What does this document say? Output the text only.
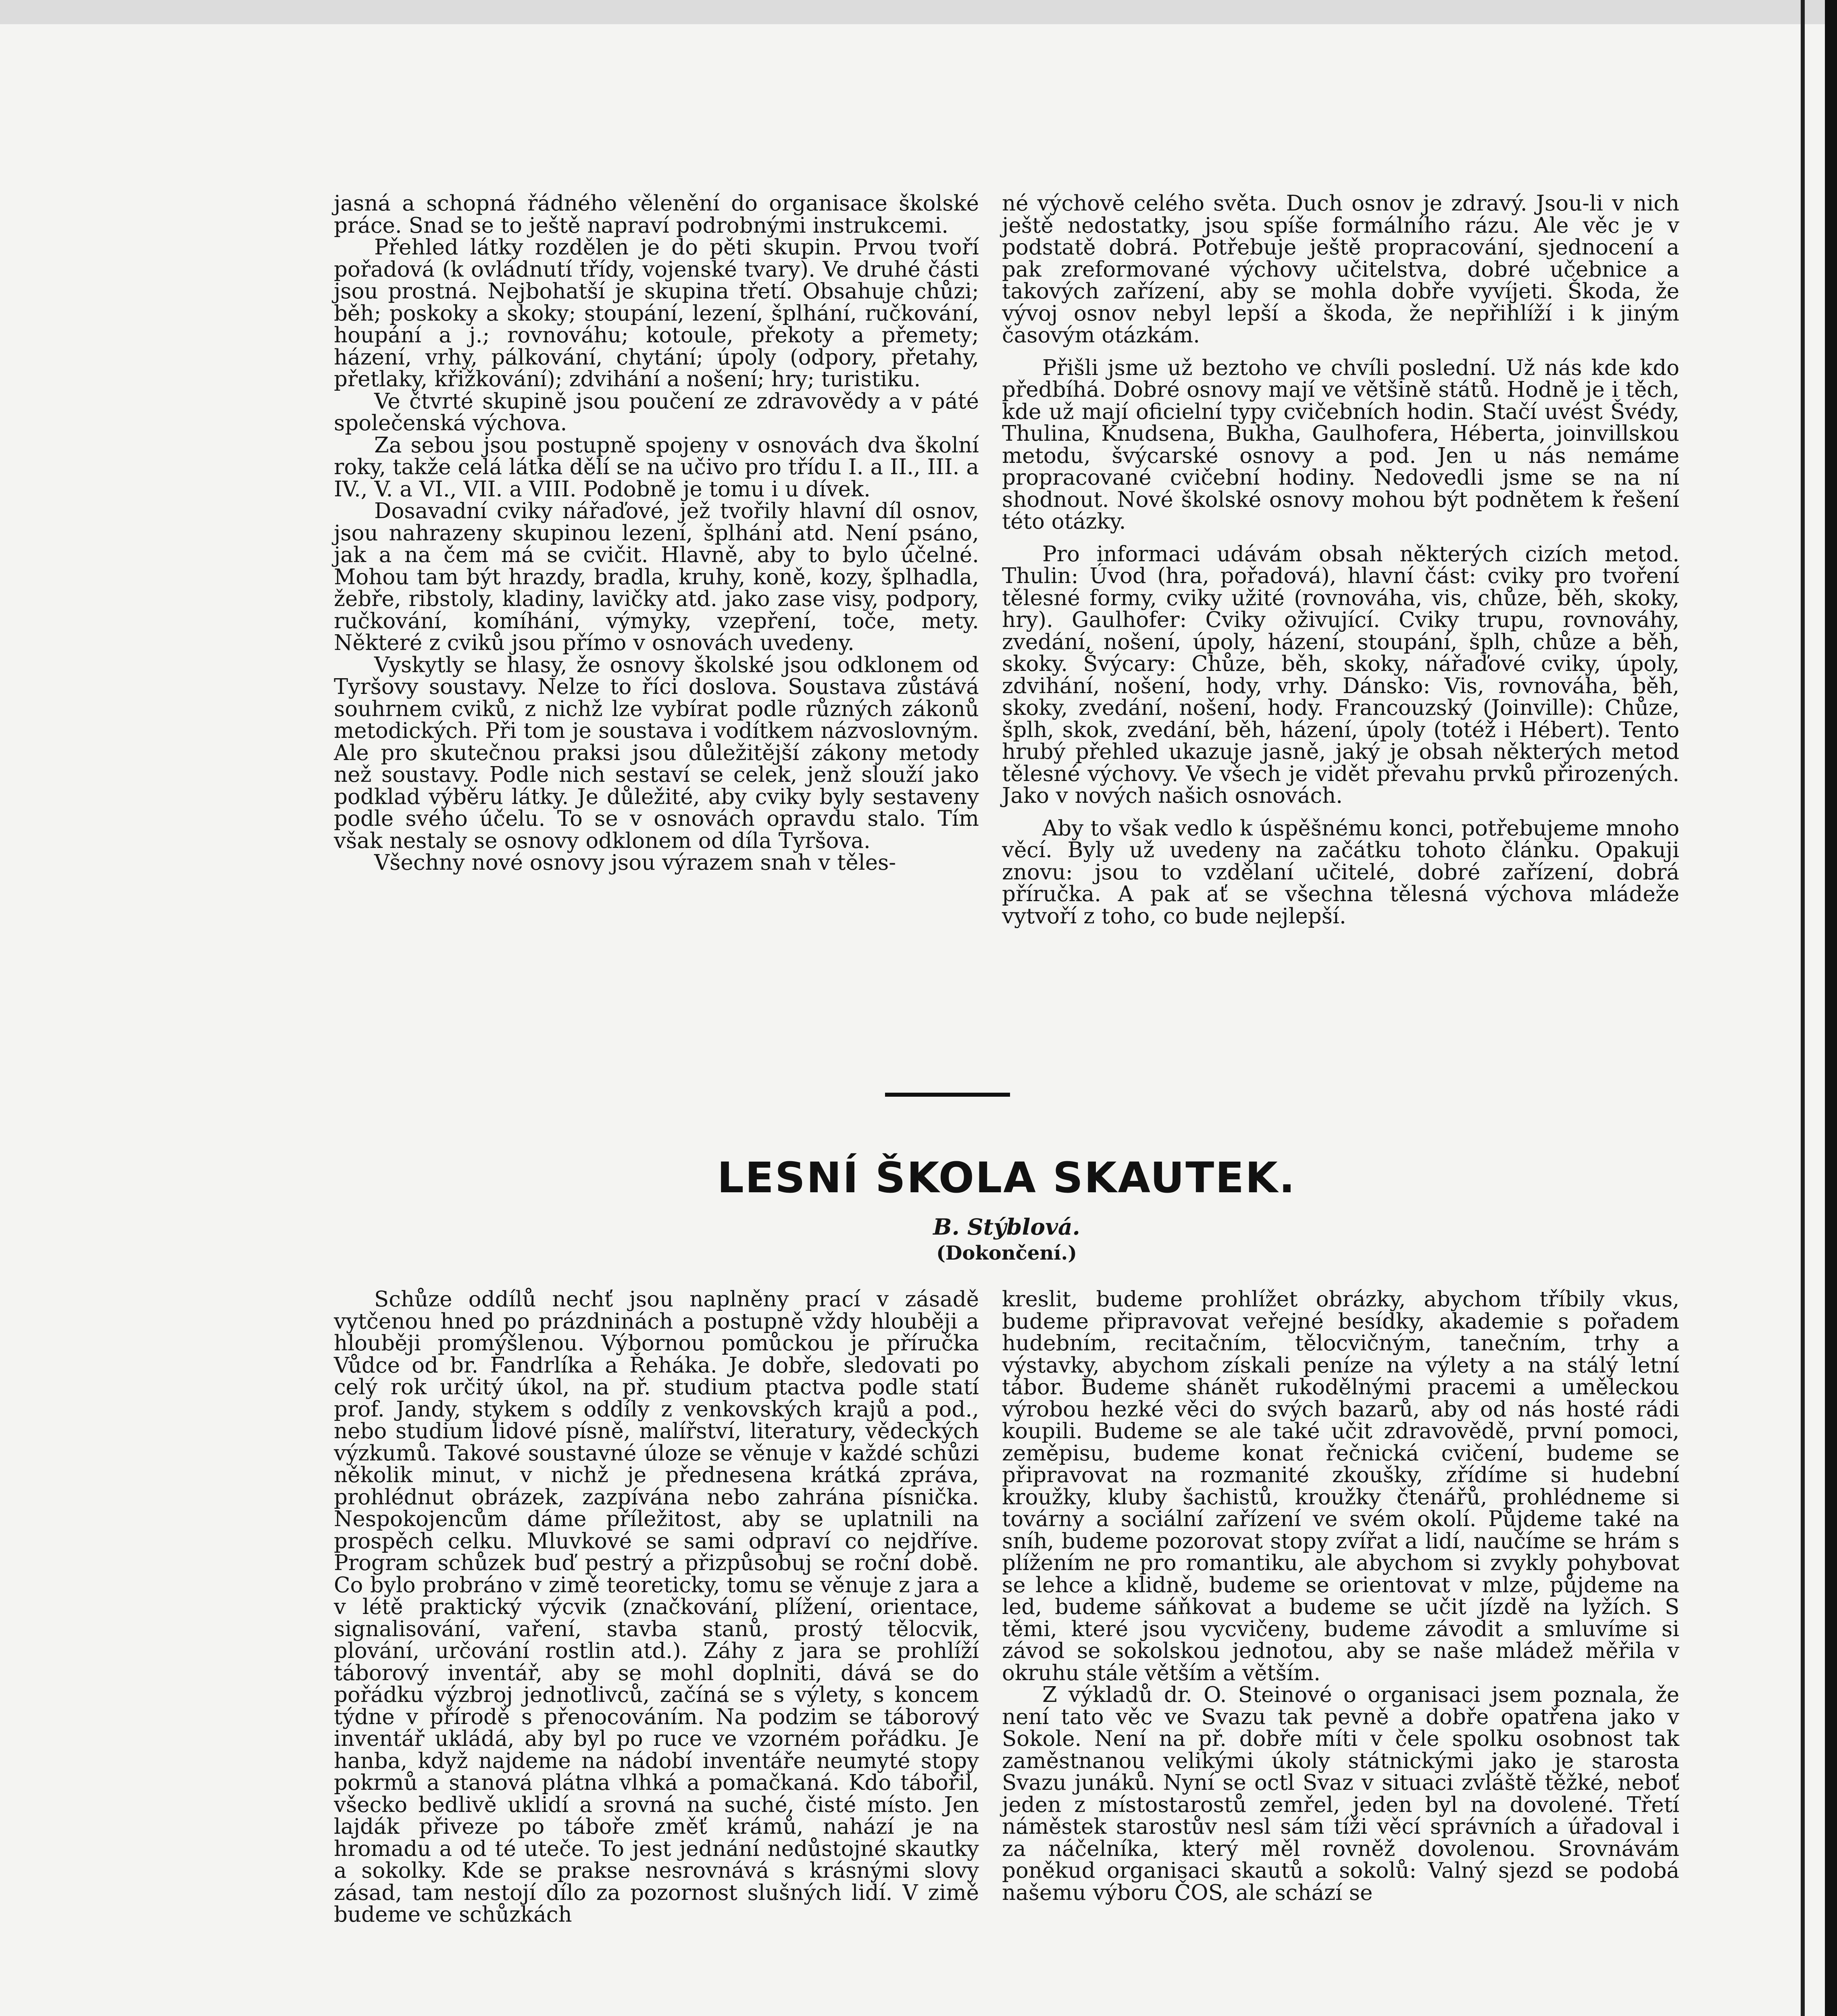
jasná a schopná řádného vělenění do organisace školské práce. Snad se to ještě napraví podrobnými instrukcemi.

Přehled látky rozdělen je do pěti skupin. Prvou tvoří pořadová (k ovládnutí třídy, vojenské tvary). Ve druhé části jsou prostná. Nejbohatší je skupina třetí. Obsahuje chůzi; běh; poskoky a skoky; stoupání, lezení, šplhání, ručkování, houpání a j.; rovnováhu; kotoule, překoty a přemety; házení, vrhy, pálkování, chytání; úpoly (odpory, přetahy, přetlaky, křižkování); zdvihání a nošení; hry; turistiku.

Ve čtvrté skupině jsou poučení ze zdravovědy a v páté společenská výchova.

Za sebou jsou postupně spojeny v osnovách dva školní roky, takže celá látka dělí se na učivo pro třídu I. a II., III. a IV., V. a VI., VII. a VIII. Podobně je tomu i u dívek.

Dosavadní cviky nářaďové, jež tvořily hlavní díl osnov, jsou nahrazeny skupinou lezení, šplhání atd. Není psáno, jak a na čem má se cvičit. Hlavně, aby to bylo účelné. Mohou tam být hrazdy, bradla, kruhy, koně, kozy, šplhadla, žebře, ribstoly, kladiny, lavičky atd. jako zase visy, podpory, ručkování, komíhání, výmyky, vzepření, toče, mety. Některé z cviků jsou přímo v osnovách uvedeny.

Vyskytly se hlasy, že osnovy školské jsou odklonem od Tyršovy soustavy. Nelze to říci doslova. Soustava zůstává souhrnem cviků, z nichž lze vybírat podle různých zákonů metodických. Při tom je soustava i vodítkem názvoslovným. Ale pro skutečnou praksi jsou důležitější zákony metody než soustavy. Podle nich sestaví se celek, jenž slouží jako podklad výběru látky. Je důležité, aby cviky byly sestaveny podle svého účelu. To se v osnovách opravdu stalo. Tím však nestaly se osnovy odklonem od díla Tyršova.

Všechny nové osnovy jsou výrazem snah v těles-

né výchově celého světa. Duch osnov je zdravý. Jsou-li v nich ještě nedostatky, jsou spíše formálního rázu. Ale věc je v podstatě dobrá. Potřebuje ještě propracování, sjednocení a pak zreformované výchovy učitelstva, dobré učebnice a takových zařízení, aby se mohla dobře vyvíjeti. Škoda, že vývoj osnov nebyl lepší a škoda, že nepřihlíží i k jiným časovým otázkám.

Přišli jsme už beztoho ve chvíli poslední. Už nás kde kdo předbíhá. Dobré osnovy mají ve většině států. Hodně je i těch, kde už mají oficielní typy cvičebních hodin. Stačí uvést Švédy, Thulina, Knudsena, Bukha, Gaulhofera, Héberta, joinvillskou metodu, švýcarské osnovy a pod. Jen u nás nemáme propracované cvičební hodiny. Nedovedli jsme se na ní shodnout. Nové školské osnovy mohou být podnětem k řešení této otázky.

Pro informaci udávám obsah některých cizích metod. Thulin: Úvod (hra, pořadová), hlavní část: cviky pro tvoření tělesné formy, cviky užité (rovnováha, vis, chůze, běh, skoky, hry). Gaulhofer: Cviky oživující. Cviky trupu, rovnováhy, zvedání, nošení, úpoly, házení, stoupání, šplh, chůze a běh, skoky. Švýcary: Chůze, běh, skoky, nářaďové cviky, úpoly, zdvihání, nošení, hody, vrhy. Dánsko: Vis, rovnováha, běh, skoky, zvedání, nošení, hody. Francouzský (Joinville): Chůze, šplh, skok, zvedání, běh, házení, úpoly (totéž i Hébert). Tento hrubý přehled ukazuje jasně, jaký je obsah některých metod tělesné výchovy. Ve všech je vidět převahu prvků přirozených. Jako v nových našich osnovách.

Aby to však vedlo k úspěšnému konci, potřebujeme mnoho věcí. Byly už uvedeny na začátku tohoto článku. Opakuji znovu: jsou to vzdělaní učitelé, dobré zařízení, dobrá příručka. A pak ať se všechna tělesná výchova mládeže vytvoří z toho, co bude nejlepší.

LESNÍ ŠKOLA SKAUTEK.
B. Stýblová.
(Dokončení.)

Schůze oddílů nechť jsou naplněny prací v zásadě vytčenou hned po prázdninách a postupně vždy hlouběji a hlouběji promýšlenou. Výbornou pomůckou je příručka Vůdce od br. Fandrlíka a Řeháka. Je dobře, sledovati po celý rok určitý úkol, na př. studium ptactva podle statí prof. Jandy, stykem s oddíly z venkovských krajů a pod., nebo studium lidové písně, malířství, literatury, vědeckých výzkumů. Takové soustavné úloze se věnuje v každé schůzi několik minut, v nichž je přednesena krátká zpráva, prohlédnut obrázek, zazpívána nebo zahrána písnička. Nespokojencům dáme příležitost, aby se uplatnili na prospěch celku. Mluvkové se sami odpraví co nejdříve. Program schůzek buď pestrý a přizpůsobuj se roční době. Co bylo probráno v zimě teoreticky, tomu se věnuje z jara a v létě praktický výcvik (značkování, plížení, orientace, signalisování, vaření, stavba stanů, prostý tělocvik, plování, určování rostlin atd.). Záhy z jara se prohlíží táborový inventář, aby se mohl doplniti, dává se do pořádku výzbroj jednotlivců, začíná se s výlety, s koncem týdne v přírodě s přenocováním. Na podzim se táborový inventář ukládá, aby byl po ruce ve vzorném pořádku. Je hanba, když najdeme na nádobí inventáře neumyté stopy pokrmů a stanová plátna vlhká a pomačkaná. Kdo tábořil, všecko bedlivě uklidí a srovná na suché, čisté místo. Jen lajdák přiveze po táboře změť krámů, nahází je na hromadu a od té uteče. To jest jednání nedůstojné skautky a sokolky. Kde se prakse nesrovnává s krásnými slovy zásad, tam nestojí dílo za pozornost slušných lidí. V zimě budeme ve schůzkách

kreslit, budeme prohlížet obrázky, abychom tříbily vkus, budeme připravovat veřejné besídky, akademie s pořadem hudebním, recitačním, tělocvičným, tanečním, trhy a výstavky, abychom získali peníze na výlety a na stálý letní tábor. Budeme shánět rukodělnými pracemi a uměleckou výrobou hezké věci do svých bazarů, aby od nás hosté rádi koupili. Budeme se ale také učit zdravovědě, první pomoci, zeměpisu, budeme konat řečnická cvičení, budeme se připravovat na rozmanité zkoušky, zřídíme si hudební kroužky, kluby šachistů, kroužky čtenářů, prohlédneme si továrny a sociální zařízení ve svém okolí. Půjdeme také na sníh, budeme pozorovat stopy zvířat a lidí, naučíme se hrám s plížením ne pro romantiku, ale abychom si zvykly pohybovat se lehce a klidně, budeme se orientovat v mlze, půjdeme na led, budeme sáňkovat a budeme se učit jízdě na lyžích. S těmi, které jsou vycvičeny, budeme závodit a smluvíme si závod se sokolskou jednotou, aby se naše mládež měřila v okruhu stále větším a větším.

Z výkladů dr. O. Steinové o organisaci jsem poznala, že není tato věc ve Svazu tak pevně a dobře opatřena jako v Sokole. Není na př. dobře míti v čele spolku osobnost tak zaměstnanou velikými úkoly státnickými jako je starosta Svazu junáků. Nyní se octl Svaz v situaci zvláště těžké, neboť jeden z místostarostů zemřel, jeden byl na dovolené. Třetí náměstek starostův nesl sám tíži věcí správních a úřadoval i za náčelníka, který měl rovněž dovolenou. Srovnávám poněkud organisaci skautů a sokolů: Valný sjezd se podobá našemu výboru ČOS, ale schází se
